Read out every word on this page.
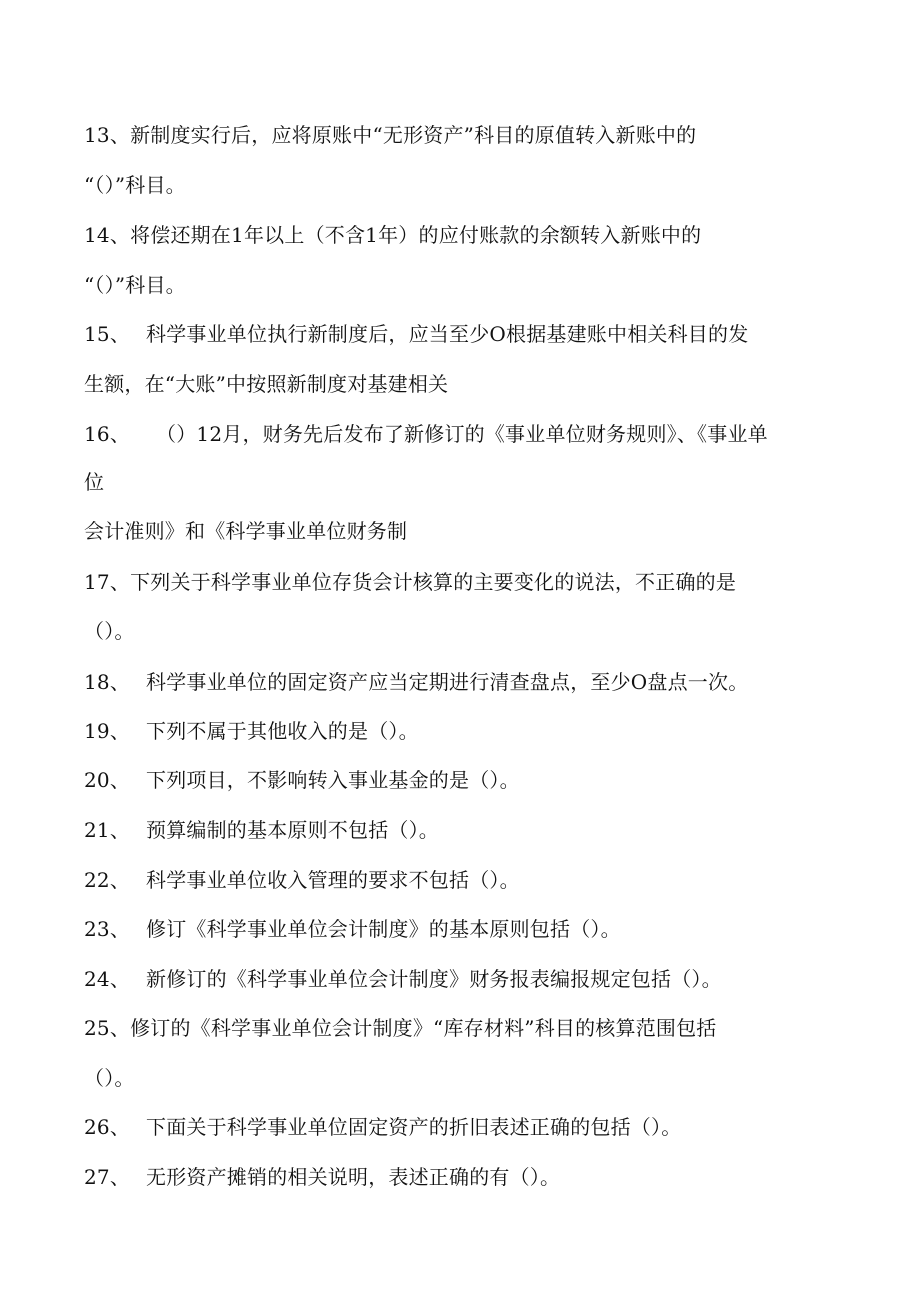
13、新制度实行后，应将原账中“无形资产”科目的原值转入新账中的
“（）”科目。
14、将偿还期在1年以上（不含1年）的应付账款的余额转入新账中的
“（）”科目。
15、 科学事业单位执行新制度后，应当至少O根据基建账中相关科目的发
生额，在“大账”中按照新制度对基建相关
16、 （）12月，财务先后发布了新修订的《事业单位财务规则》、《事业单
位
会计准则》和《科学事业单位财务制
17、下列关于科学事业单位存货会计核算的主要变化的说法，不正确的是
（）。
18、 科学事业单位的固定资产应当定期进行清查盘点，至少O盘点一次。
19、 下列不属于其他收入的是（）。
20、 下列项目，不影响转入事业基金的是（）。
21、 预算编制的基本原则不包括（）。
22、 科学事业单位收入管理的要求不包括（）。
23、 修订《科学事业单位会计制度》的基本原则包括（）。
24、 新修订的《科学事业单位会计制度》财务报表编报规定包括（）。
25、修订的《科学事业单位会计制度》“库存材料”科目的核算范围包括
（）。
26、 下面关于科学事业单位固定资产的折旧表述正确的包括（）。
27、 无形资产摊销的相关说明，表述正确的有（）。
